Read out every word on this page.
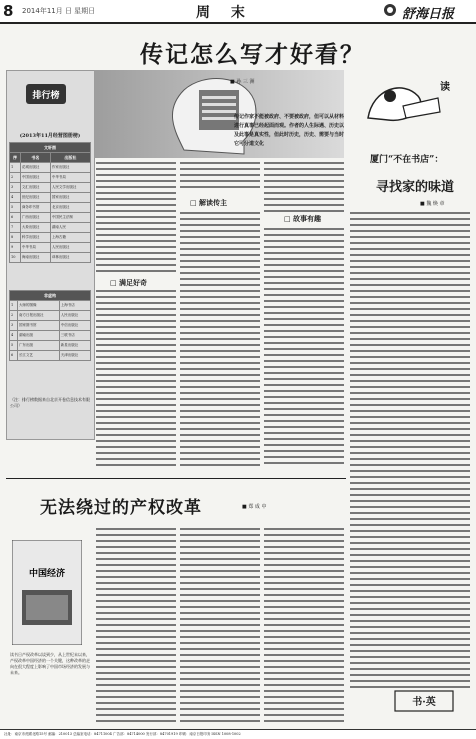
8 2014年11月 日 星期日	周 末	舒海日报
传记怎么写才好看？
排行榜
(2013年11月经营图册榜)
文轩图		
序	书名	出版社
1	花城出版社	作家出版社
2	中国出版社	中华书局
3	文汇出版社	人民文学出版社
4	世纪出版社	国家出版社
5	商务印书馆	北京出版社
6	广西出版社	中国民主法制
7	大象出版社	湖南人民
8	科学出版社	上海古籍
9	中华书局	人民出版社
10	海南出版社	译林出版社
非虚构		
1	大师的图像	上海书店
2	南方日报出版社	人民出版社
3	国家图书馆	中信出版社
4	湖南出版	三联书店
5	广东出版	新星出版社
6	长江文艺	天津出版社
（注：排行榜数据来自北京开卷信息技术有限公司）
传记作家不能被政府、不要被政府，但可以从材料进行真事已经起面而观。作者的人生际遇、历史以及此事是真实性，但此时历史，历史、需要与当时它可分道文化
■ 孙 三 洲
□ 满足好奇
□ 解读传主
□ 故事有趣
读
厦门“不在书店”：
寻找家的味道
■ 魏 焕 章
无法绕过的产权改革	■ 郑 成 中
中国经济
读书日产权改革以谈到少，从上世纪末以来，产权改革中国经济的一个关键，这种改革的走向在很大程度上影响了中国市场经济的发展与未来。
书·英
社址：南京市虎踞北路15号 邮编：210013 总编室电话：84711004 广告部：84714000 发行部：84701919 印刷：南京日报印务 ISSN 1008-1002
